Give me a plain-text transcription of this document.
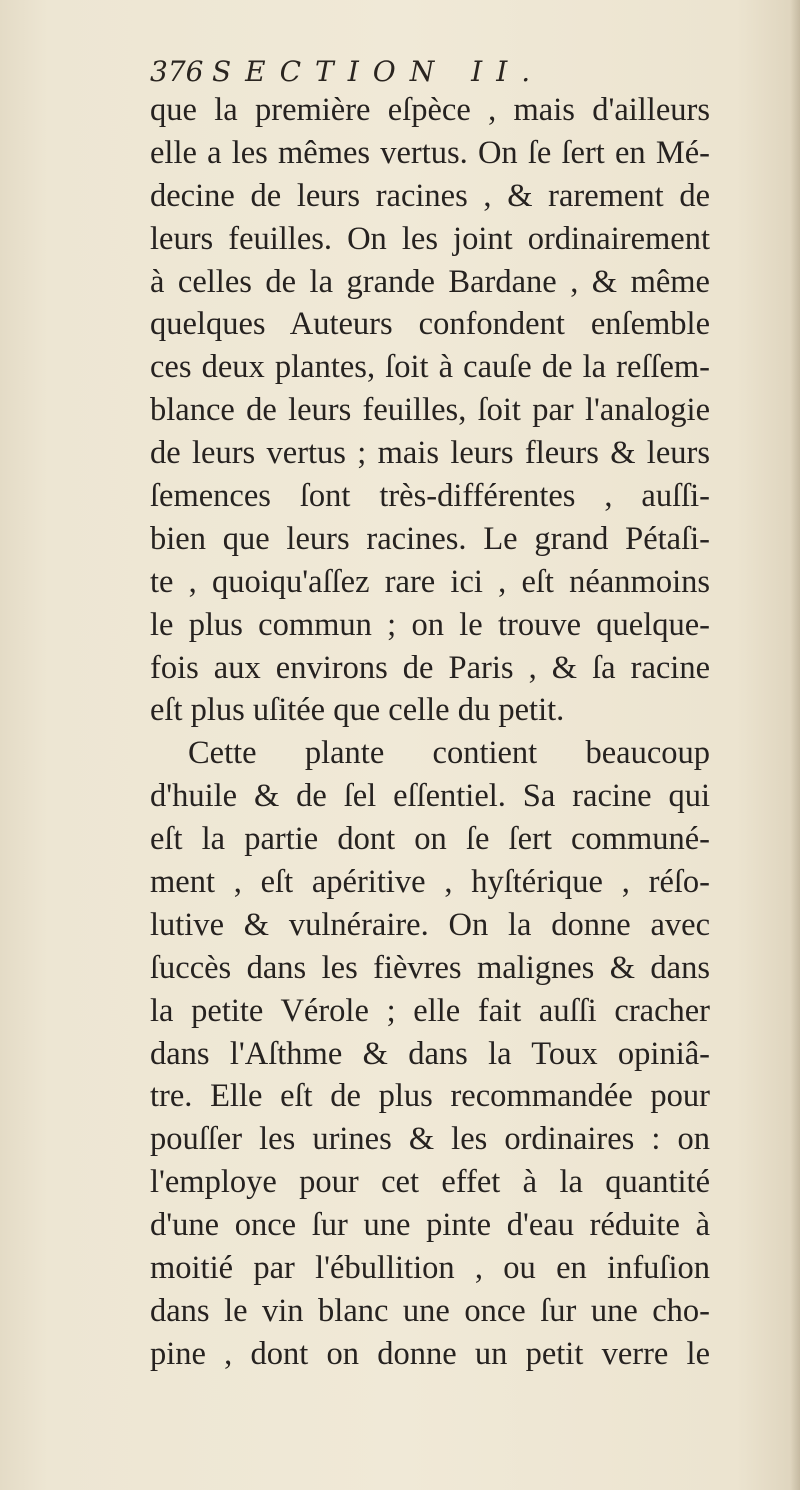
376 SECTION II.
que la première eſpèce , mais d'ailleurs
elle a les mêmes vertus. On ſe ſert en Mé-
decine de leurs racines , & rarement de
leurs feuilles. On les joint ordinairement
à celles de la grande Bardane , & même
quelques Auteurs confondent enſemble
ces deux plantes, ſoit à cauſe de la reſſem-
blance de leurs feuilles, ſoit par l'analogie
de leurs vertus ; mais leurs fleurs & leurs
ſemences ſont très-différentes , auſſi-
bien que leurs racines. Le grand Pétaſi-
te , quoiqu'aſſez rare ici , eſt néanmoins
le plus commun ; on le trouve quelque-
fois aux environs de Paris , & ſa racine
eſt plus uſitée que celle du petit.
Cette plante contient beaucoup
d'huile & de ſel eſſentiel. Sa racine qui
eſt la partie dont on ſe ſert communé-
ment , eſt apéritive , hyſtérique , réſo-
lutive & vulnéraire. On la donne avec
ſuccès dans les fièvres malignes & dans
la petite Vérole ; elle fait auſſi cracher
dans l'Aſthme & dans la Toux opiniâ-
tre. Elle eſt de plus recommandée pour
pouſſer les urines & les ordinaires : on
l'employe pour cet effet à la quantité
d'une once ſur une pinte d'eau réduite à
moitié par l'ébullition , ou en infuſion
dans le vin blanc une once ſur une cho-
pine , dont on donne un petit verre le
